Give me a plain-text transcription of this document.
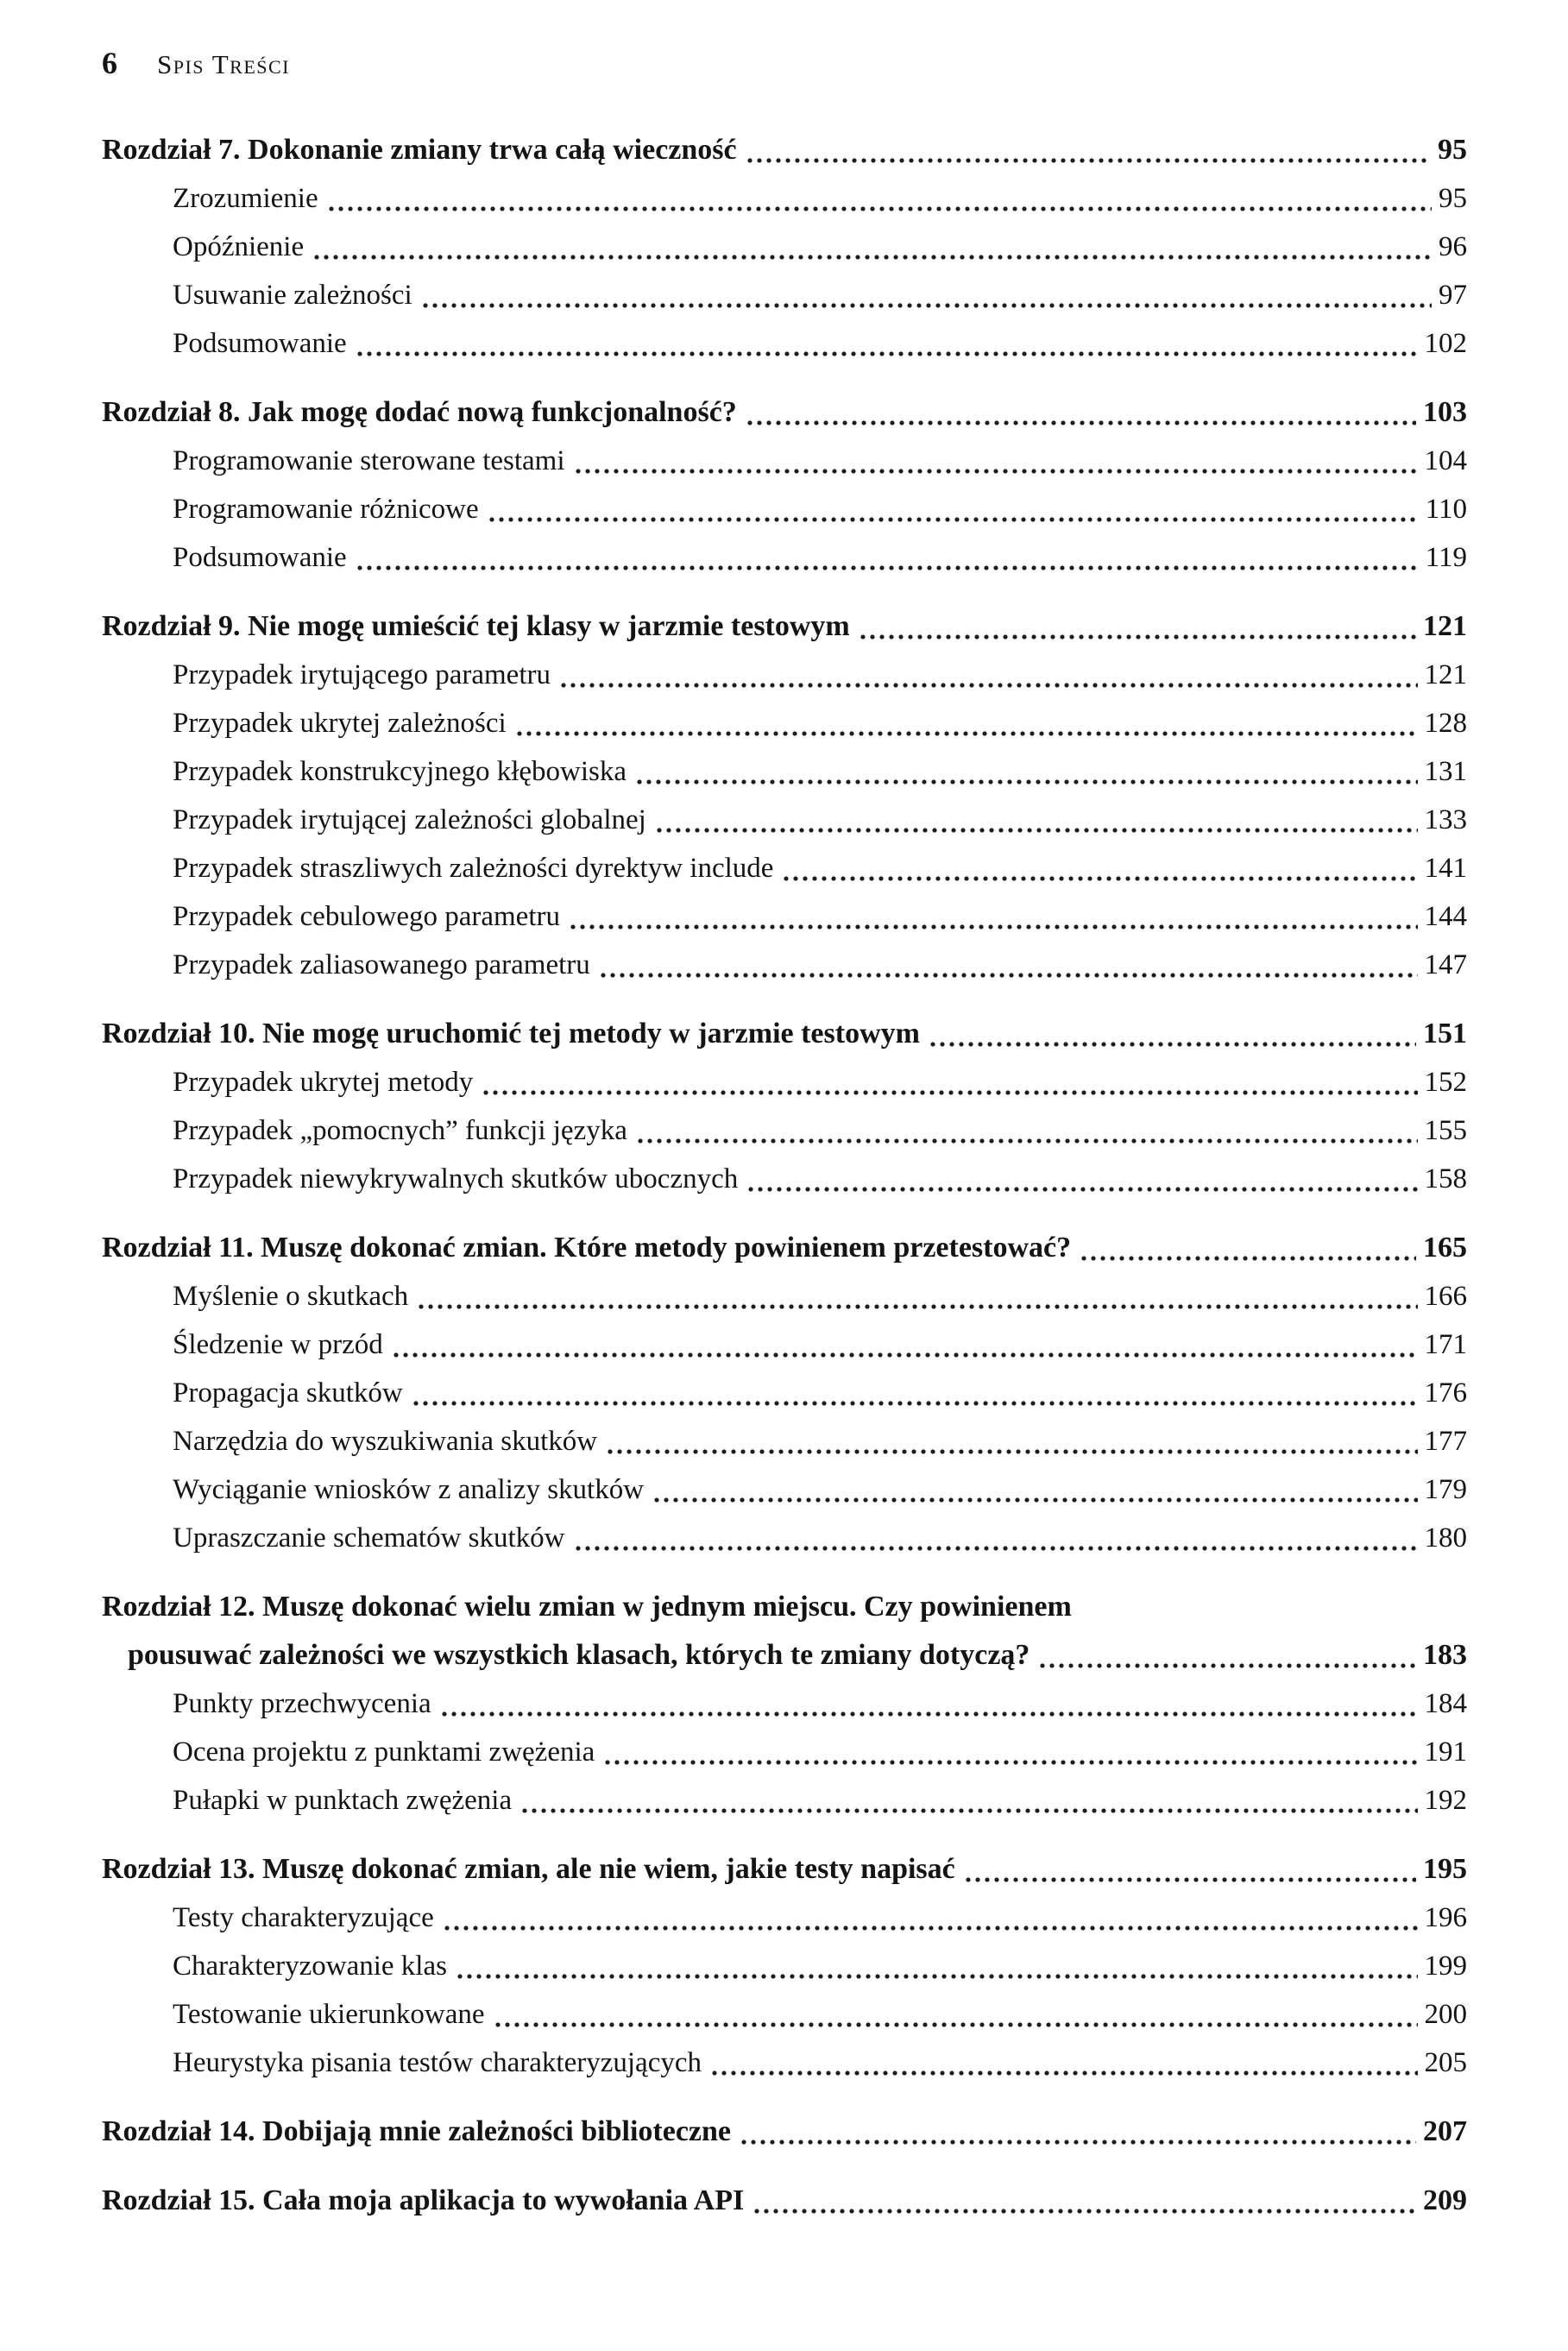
6 Spis Treści
Rozdział 7. Dokonanie zmiany trwa całą wieczność	95
Zrozumienie	95
Opóźnienie	96
Usuwanie zależności	97
Podsumowanie	102
Rozdział 8. Jak mogę dodać nową funkcjonalność?	103
Programowanie sterowane testami	104
Programowanie różnicowe	110
Podsumowanie	119
Rozdział 9. Nie mogę umieścić tej klasy w jarzmie testowym	121
Przypadek irytującego parametru	121
Przypadek ukrytej zależności	128
Przypadek konstrukcyjnego kłębowiska	131
Przypadek irytującej zależności globalnej	133
Przypadek straszliwych zależności dyrektyw include	141
Przypadek cebulowego parametru	144
Przypadek zaliasowanego parametru	147
Rozdział 10. Nie mogę uruchomić tej metody w jarzmie testowym	151
Przypadek ukrytej metody	152
Przypadek „pomocnych” funkcji języka	155
Przypadek niewykrywalnych skutków ubocznych	158
Rozdział 11. Muszę dokonać zmian. Które metody powinienem przetestować?	165
Myślenie o skutkach	166
Śledzenie w przód	171
Propagacja skutków	176
Narzędzia do wyszukiwania skutków	177
Wyciąganie wniosków z analizy skutków	179
Upraszczanie schematów skutków	180
Rozdział 12. Muszę dokonać wielu zmian w jednym miejscu. Czy powinienem
pousuwać zależności we wszystkich klasach, których te zmiany dotyczą?	183
Punkty przechwycenia	184
Ocena projektu z punktami zwężenia	191
Pułapki w punktach zwężenia	192
Rozdział 13. Muszę dokonać zmian, ale nie wiem, jakie testy napisać	195
Testy charakteryzujące	196
Charakteryzowanie klas	199
Testowanie ukierunkowane	200
Heurystyka pisania testów charakteryzujących	205
Rozdział 14. Dobijają mnie zależności biblioteczne	207
Rozdział 15. Cała moja aplikacja to wywołania API	209
